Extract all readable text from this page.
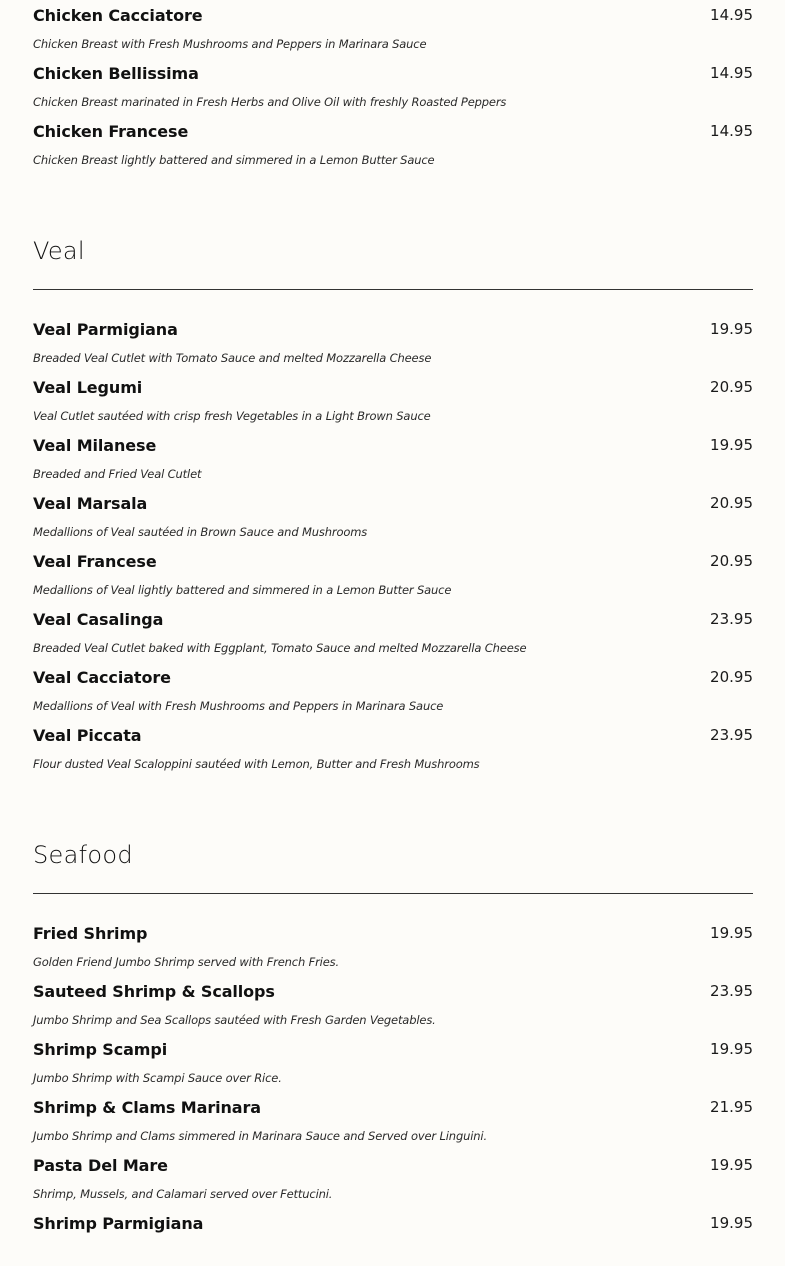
Chicken Cacciatore	14.95
Chicken Breast with Fresh Mushrooms and Peppers in Marinara Sauce
Chicken Bellissima	14.95
Chicken Breast marinated in Fresh Herbs and Olive Oil with freshly Roasted Peppers
Chicken Francese	14.95
Chicken Breast lightly battered and simmered in a Lemon Butter Sauce
Veal
Veal Parmigiana	19.95
Breaded Veal Cutlet with Tomato Sauce and melted Mozzarella Cheese
Veal Legumi	20.95
Veal Cutlet sautéed with crisp fresh Vegetables in a Light Brown Sauce
Veal Milanese	19.95
Breaded and Fried Veal Cutlet
Veal Marsala	20.95
Medallions of Veal sautéed in Brown Sauce and Mushrooms
Veal Francese	20.95
Medallions of Veal lightly battered and simmered in a Lemon Butter Sauce
Veal Casalinga	23.95
Breaded Veal Cutlet baked with Eggplant, Tomato Sauce and melted Mozzarella Cheese
Veal Cacciatore	20.95
Medallions of Veal with Fresh Mushrooms and Peppers in Marinara Sauce
Veal Piccata	23.95
Flour dusted Veal Scaloppini sautéed with Lemon, Butter and Fresh Mushrooms
Seafood
Fried Shrimp	19.95
Golden Friend Jumbo Shrimp served with French Fries.
Sauteed Shrimp & Scallops	23.95
Jumbo Shrimp and Sea Scallops sautéed with Fresh Garden Vegetables.
Shrimp Scampi	19.95
Jumbo Shrimp with Scampi Sauce over Rice.
Shrimp & Clams Marinara	21.95
Jumbo Shrimp and Clams simmered in Marinara Sauce and Served over Linguini.
Pasta Del Mare	19.95
Shrimp, Mussels, and Calamari served over Fettucini.
Shrimp Parmigiana	19.95
